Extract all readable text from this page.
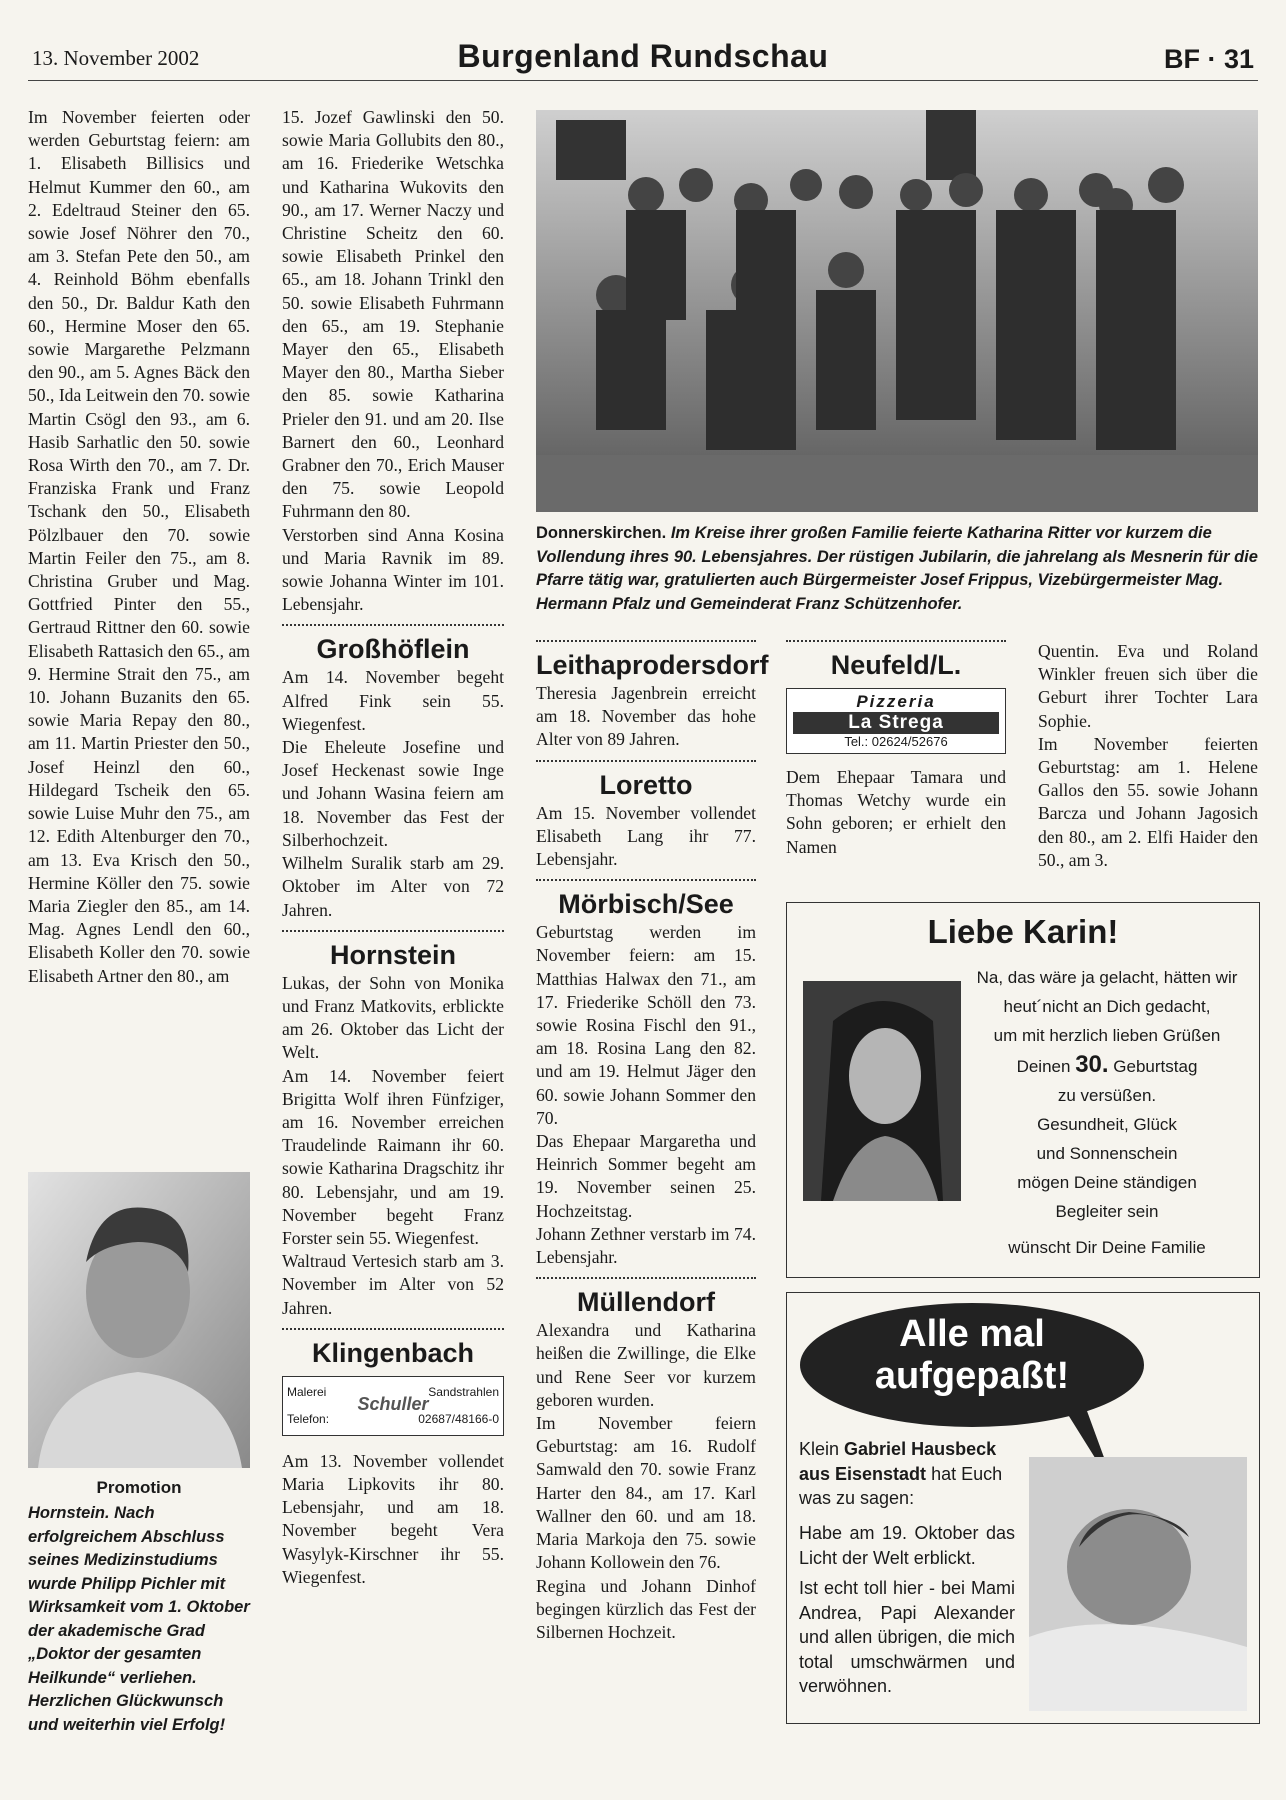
13. November 2002	Burgenland Rundschau	BF · 31

Im November feierten oder werden Geburtstag feiern: am 1. Elisabeth Billisics und Helmut Kummer den 60., am 2. Edeltraud Steiner den 65. sowie Josef Nöhrer den 70., am 3. Stefan Pete den 50., am 4. Reinhold Böhm ebenfalls den 50., Dr. Baldur Kath den 60., Hermine Moser den 65. sowie Margarethe Pelzmann den 90., am 5. Agnes Bäck den 50., Ida Leitwein den 70. sowie Martin Csögl den 93., am 6. Hasib Sarhatlic den 50. sowie Rosa Wirth den 70., am 7. Dr. Franziska Frank und Franz Tschank den 50., Elisabeth Pölzlbauer den 70. sowie Martin Feiler den 75., am 8. Christina Gruber und Mag. Gottfried Pinter den 55., Gertraud Rittner den 60. sowie Elisabeth Rattasich den 65., am 9. Hermine Strait den 75., am 10. Johann Buzanits den 65. sowie Maria Repay den 80., am 11. Martin Priester den 50., Josef Heinzl den 60., Hildegard Tscheik den 65. sowie Luise Muhr den 75., am 12. Edith Altenburger den 70., am 13. Eva Krisch den 50., Hermine Köller den 75. sowie Maria Ziegler den 85., am 14. Mag. Agnes Lendl den 60., Elisabeth Koller den 70. sowie Elisabeth Artner den 80., am

Promotion
Hornstein. Nach erfolgreichem Abschluss seines Medizinstudiums wurde Philipp Pichler mit Wirksamkeit vom 1. Oktober der akademische Grad „Doktor der gesamten Heilkunde“ verliehen. Herzlichen Glückwunsch und weiterhin viel Erfolg!

15. Jozef Gawlinski den 50. sowie Maria Gollubits den 80., am 16. Friederike Wetschka und Katharina Wukovits den 90., am 17. Werner Naczy und Christine Scheitz den 60. sowie Elisabeth Prinkel den 65., am 18. Johann Trinkl den 50. sowie Elisabeth Fuhrmann den 65., am 19. Stephanie Mayer den 65., Elisabeth Mayer den 80., Martha Sieber den 85. sowie Katharina Prieler den 91. und am 20. Ilse Barnert den 60., Leonhard Grabner den 70., Erich Mauser den 75. sowie Leopold Fuhrmann den 80.

Verstorben sind Anna Kosina und Maria Ravnik im 89. sowie Johanna Winter im 101. Lebensjahr.

Großhöflein

Am 14. November begeht Alfred Fink sein 55. Wiegenfest.

Die Eheleute Josefine und Josef Heckenast sowie Inge und Johann Wasina feiern am 18. November das Fest der Silberhochzeit.

Wilhelm Suralik starb am 29. Oktober im Alter von 72 Jahren.

Hornstein

Lukas, der Sohn von Monika und Franz Matkovits, erblickte am 26. Oktober das Licht der Welt.

Am 14. November feiert Brigitta Wolf ihren Fünfziger, am 16. November erreichen Traudelinde Raimann ihr 60. sowie Katharina Dragschitz ihr 80. Lebensjahr, und am 19. November begeht Franz Forster sein 55. Wiegenfest.

Waltraud Vertesich starb am 3. November im Alter von 52 Jahren.

Klingenbach
Malerei	Sandstrahlen
Schuller
Telefon:	02687/48166-0

Am 13. November vollendet Maria Lipkovits ihr 80. Lebensjahr, und am 18. November begeht Vera Wasylyk-Kirschner ihr 55. Wiegenfest.

Donnerskirchen. Im Kreise ihrer großen Familie feierte Katharina Ritter vor kurzem die Vollendung ihres 90. Lebensjahres. Der rüstigen Jubilarin, die jahrelang als Mesnerin für die Pfarre tätig war, gratulierten auch Bürgermeister Josef Frippus, Vizebürgermeister Mag. Hermann Pfalz und Gemeinderat Franz Schützenhofer.
Leithaprodersdorf

Theresia Jagenbrein erreicht am 18. November das hohe Alter von 89 Jahren.

Loretto

Am 15. November vollendet Elisabeth Lang ihr 77. Lebensjahr.

Mörbisch/See

Geburtstag werden im November feiern: am 15. Matthias Halwax den 71., am 17. Friederike Schöll den 73. sowie Rosina Fischl den 91., am 18. Rosina Lang den 82. und am 19. Helmut Jäger den 60. sowie Johann Sommer den 70.

Das Ehepaar Margaretha und Heinrich Sommer begeht am 19. November seinen 25. Hochzeitstag.

Johann Zethner verstarb im 74. Lebensjahr.

Müllendorf

Alexandra und Katharina heißen die Zwillinge, die Elke und Rene Seer vor kurzem geboren wurden.

Im November feiern Geburtstag: am 16. Rudolf Samwald den 70. sowie Franz Harter den 84., am 17. Karl Wallner den 60. und am 18. Maria Markoja den 75. sowie Johann Kollowein den 76.

Regina und Johann Dinhof begingen kürzlich das Fest der Silbernen Hochzeit.

Neufeld/L.
Pizzeria
La Strega
Tel.: 02624/52676

Dem Ehepaar Tamara und Thomas Wetchy wurde ein Sohn geboren; er erhielt den Namen

Quentin. Eva und Roland Winkler freuen sich über die Geburt ihrer Tochter Lara Sophie.

Im November feierten Geburtstag: am 1. Helene Gallos den 55. sowie Johann Barcza und Johann Jagosich den 80., am 2. Elfi Haider den 50., am 3.

Liebe Karin!
Na, das wäre ja gelacht, hätten wir
heut´nicht an Dich gedacht,
um mit herzlich lieben Grüßen
Deinen 30. Geburtstag
zu versüßen.
Gesundheit, Glück
und Sonnenschein
mögen Deine ständigen
Begleiter sein
wünscht Dir Deine Familie
Alle mal
aufgepaßt!
Klein Gabriel Hausbeck
aus Eisenstadt hat Euch
was zu sagen:
Habe am 19. Oktober das Licht der Welt erblickt.
Ist echt toll hier - bei Mami Andrea, Papi Alexander und allen übrigen, die mich total umschwärmen und verwöhnen.
